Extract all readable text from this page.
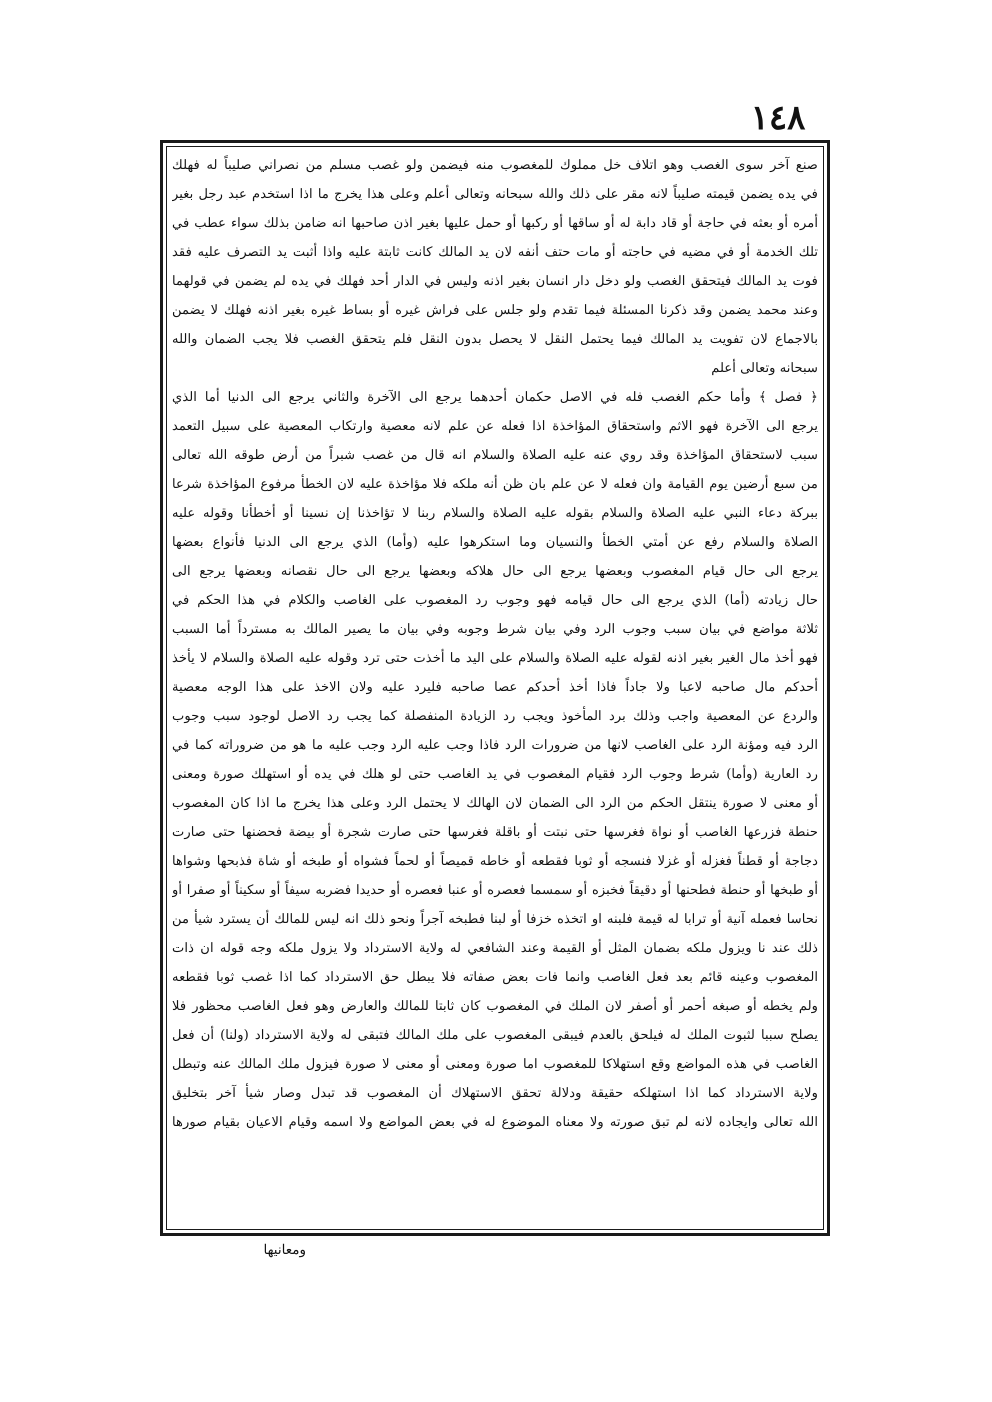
١٤٨
صنع آخر سوى الغصب وهو اتلاف خل مملوك للمغصوب منه فيضمن ولو غصب مسلم من نصراني صليباً له فهلك
في يده يضمن قيمته صليباً لانه مقر على ذلك والله سبحانه وتعالى أعلم وعلى هذا يخرج ما اذا استخدم عبد رجل بغير
أمره أو بعثه في حاجة أو قاد دابة له أو ساقها أو ركبها أو حمل عليها بغير اذن صاحبها انه ضامن بذلك سواء عطب في
تلك الخدمة أو في مضيه في حاجته أو مات حتف أنفه لان يد المالك كانت ثابتة عليه واذا أثبت يد التصرف عليه فقد
فوت يد المالك فيتحقق الغصب ولو دخل دار انسان بغير اذنه وليس في الدار أحد فهلك في يده لم يضمن في قولهما
وعند محمد يضمن وقد ذكرنا المسئلة فيما تقدم ولو جلس على فراش غيره أو بساط غيره بغير اذنه فهلك لا يضمن
بالاجماع لان تفويت يد المالك فيما يحتمل النقل لا يحصل بدون النقل فلم يتحقق الغصب فلا يجب الضمان والله
سبحانه وتعالى أعلم
﴿ فصل ﴾ وأما حكم الغصب فله في الاصل حكمان أحدهما يرجع الى الآخرة والثاني يرجع الى الدنيا أما الذي
يرجع الى الآخرة فهو الاثم واستحقاق المؤاخذة اذا فعله عن علم لانه معصية وارتكاب المعصية على سبيل التعمد
سبب لاستحقاق المؤاخذة وقد روي عنه عليه الصلاة والسلام انه قال من غصب شبراً من أرض طوقه الله تعالى
من سبع أرضين يوم القيامة وان فعله لا عن علم بان ظن أنه ملكه فلا مؤاخذة عليه لان الخطأ مرفوع المؤاخذة شرعا
ببركة دعاء النبي عليه الصلاة والسلام بقوله عليه الصلاة والسلام ربنا لا تؤاخذنا إن نسينا أو أخطأنا وقوله عليه
الصلاة والسلام رفع عن أمتي الخطأ والنسيان وما استكرهوا عليه (وأما) الذي يرجع الى الدنيا فأنواع بعضها
يرجع الى حال قيام المغصوب وبعضها يرجع الى حال هلاكه وبعضها يرجع الى حال نقصانه وبعضها يرجع الى
حال زيادته (أما) الذي يرجع الى حال قيامه فهو وجوب رد المغصوب على الغاصب والكلام في هذا الحكم في
ثلاثة مواضع في بيان سبب وجوب الرد وفي بيان شرط وجوبه وفي بيان ما يصير المالك به مسترداً أما السبب
فهو أخذ مال الغير بغير اذنه لقوله عليه الصلاة والسلام على اليد ما أخذت حتى ترد وقوله عليه الصلاة والسلام لا يأخذ
أحدكم مال صاحبه لاعبا ولا جاداً فاذا أخذ أحدكم عصا صاحبه فليرد عليه ولان الاخذ على هذا الوجه معصية
والردع عن المعصية واجب وذلك برد المأخوذ ويجب رد الزيادة المنفصلة كما يجب رد الاصل لوجود سبب وجوب
الرد فيه ومؤنة الرد على الغاصب لانها من ضرورات الرد فاذا وجب عليه الرد وجب عليه ما هو من ضروراته كما في
رد العارية (وأما) شرط وجوب الرد فقيام المغصوب في يد الغاصب حتى لو هلك في يده أو استهلك صورة ومعنى
أو معنى لا صورة ينتقل الحكم من الرد الى الضمان لان الهالك لا يحتمل الرد وعلى هذا يخرج ما اذا كان المغصوب
حنطة فزرعها الغاصب أو نواة فغرسها حتى نبتت أو باقلة فغرسها حتى صارت شجرة أو بيضة فحضنها حتى صارت
دجاجة أو قطناً فغزله أو غزلا فنسجه أو ثوبا فقطعه أو خاطه قميصاً أو لحماً فشواه أو طبخه أو شاة فذبحها وشواها
أو طبخها أو حنطة فطحنها أو دقيقاً فخبزه أو سمسما فعصره أو عنبا فعصره أو حديدا فضربه سيفاً أو سكيناً أو صفرا أو
نحاسا فعمله آنية أو ترابا له قيمة فلبنه او اتخذه خزفا أو لبنا فطبخه آجراً ونحو ذلك انه ليس للمالك أن يسترد شيأ من
ذلك عند نا ويزول ملكه بضمان المثل أو القيمة وعند الشافعي له ولاية الاسترداد ولا يزول ملكه وجه قوله ان ذات
المغصوب وعينه قائم بعد فعل الغاصب وانما فات بعض صفاته فلا يبطل حق الاسترداد كما اذا غصب ثوبا فقطعه
ولم يخطه أو صبغه أحمر أو أصفر لان الملك في المغصوب كان ثابتا للمالك والعارض وهو فعل الغاصب محظور فلا
يصلح سببا لثبوت الملك له فيلحق بالعدم فيبقى المغصوب على ملك المالك فتبقى له ولاية الاسترداد (ولنا) أن فعل
الغاصب في هذه المواضع وقع استهلاكا للمغصوب اما صورة ومعنى أو معنى لا صورة فيزول ملك المالك عنه وتبطل
ولاية الاسترداد كما اذا استهلكه حقيقة ودلالة تحقق الاستهلاك أن المغصوب قد تبدل وصار شيأ آخر بتخليق
الله تعالى وايجاده لانه لم تبق صورته ولا معناه الموضوع له في بعض المواضع ولا اسمه وقيام الاعيان بقيام صورها
ومعانيها
